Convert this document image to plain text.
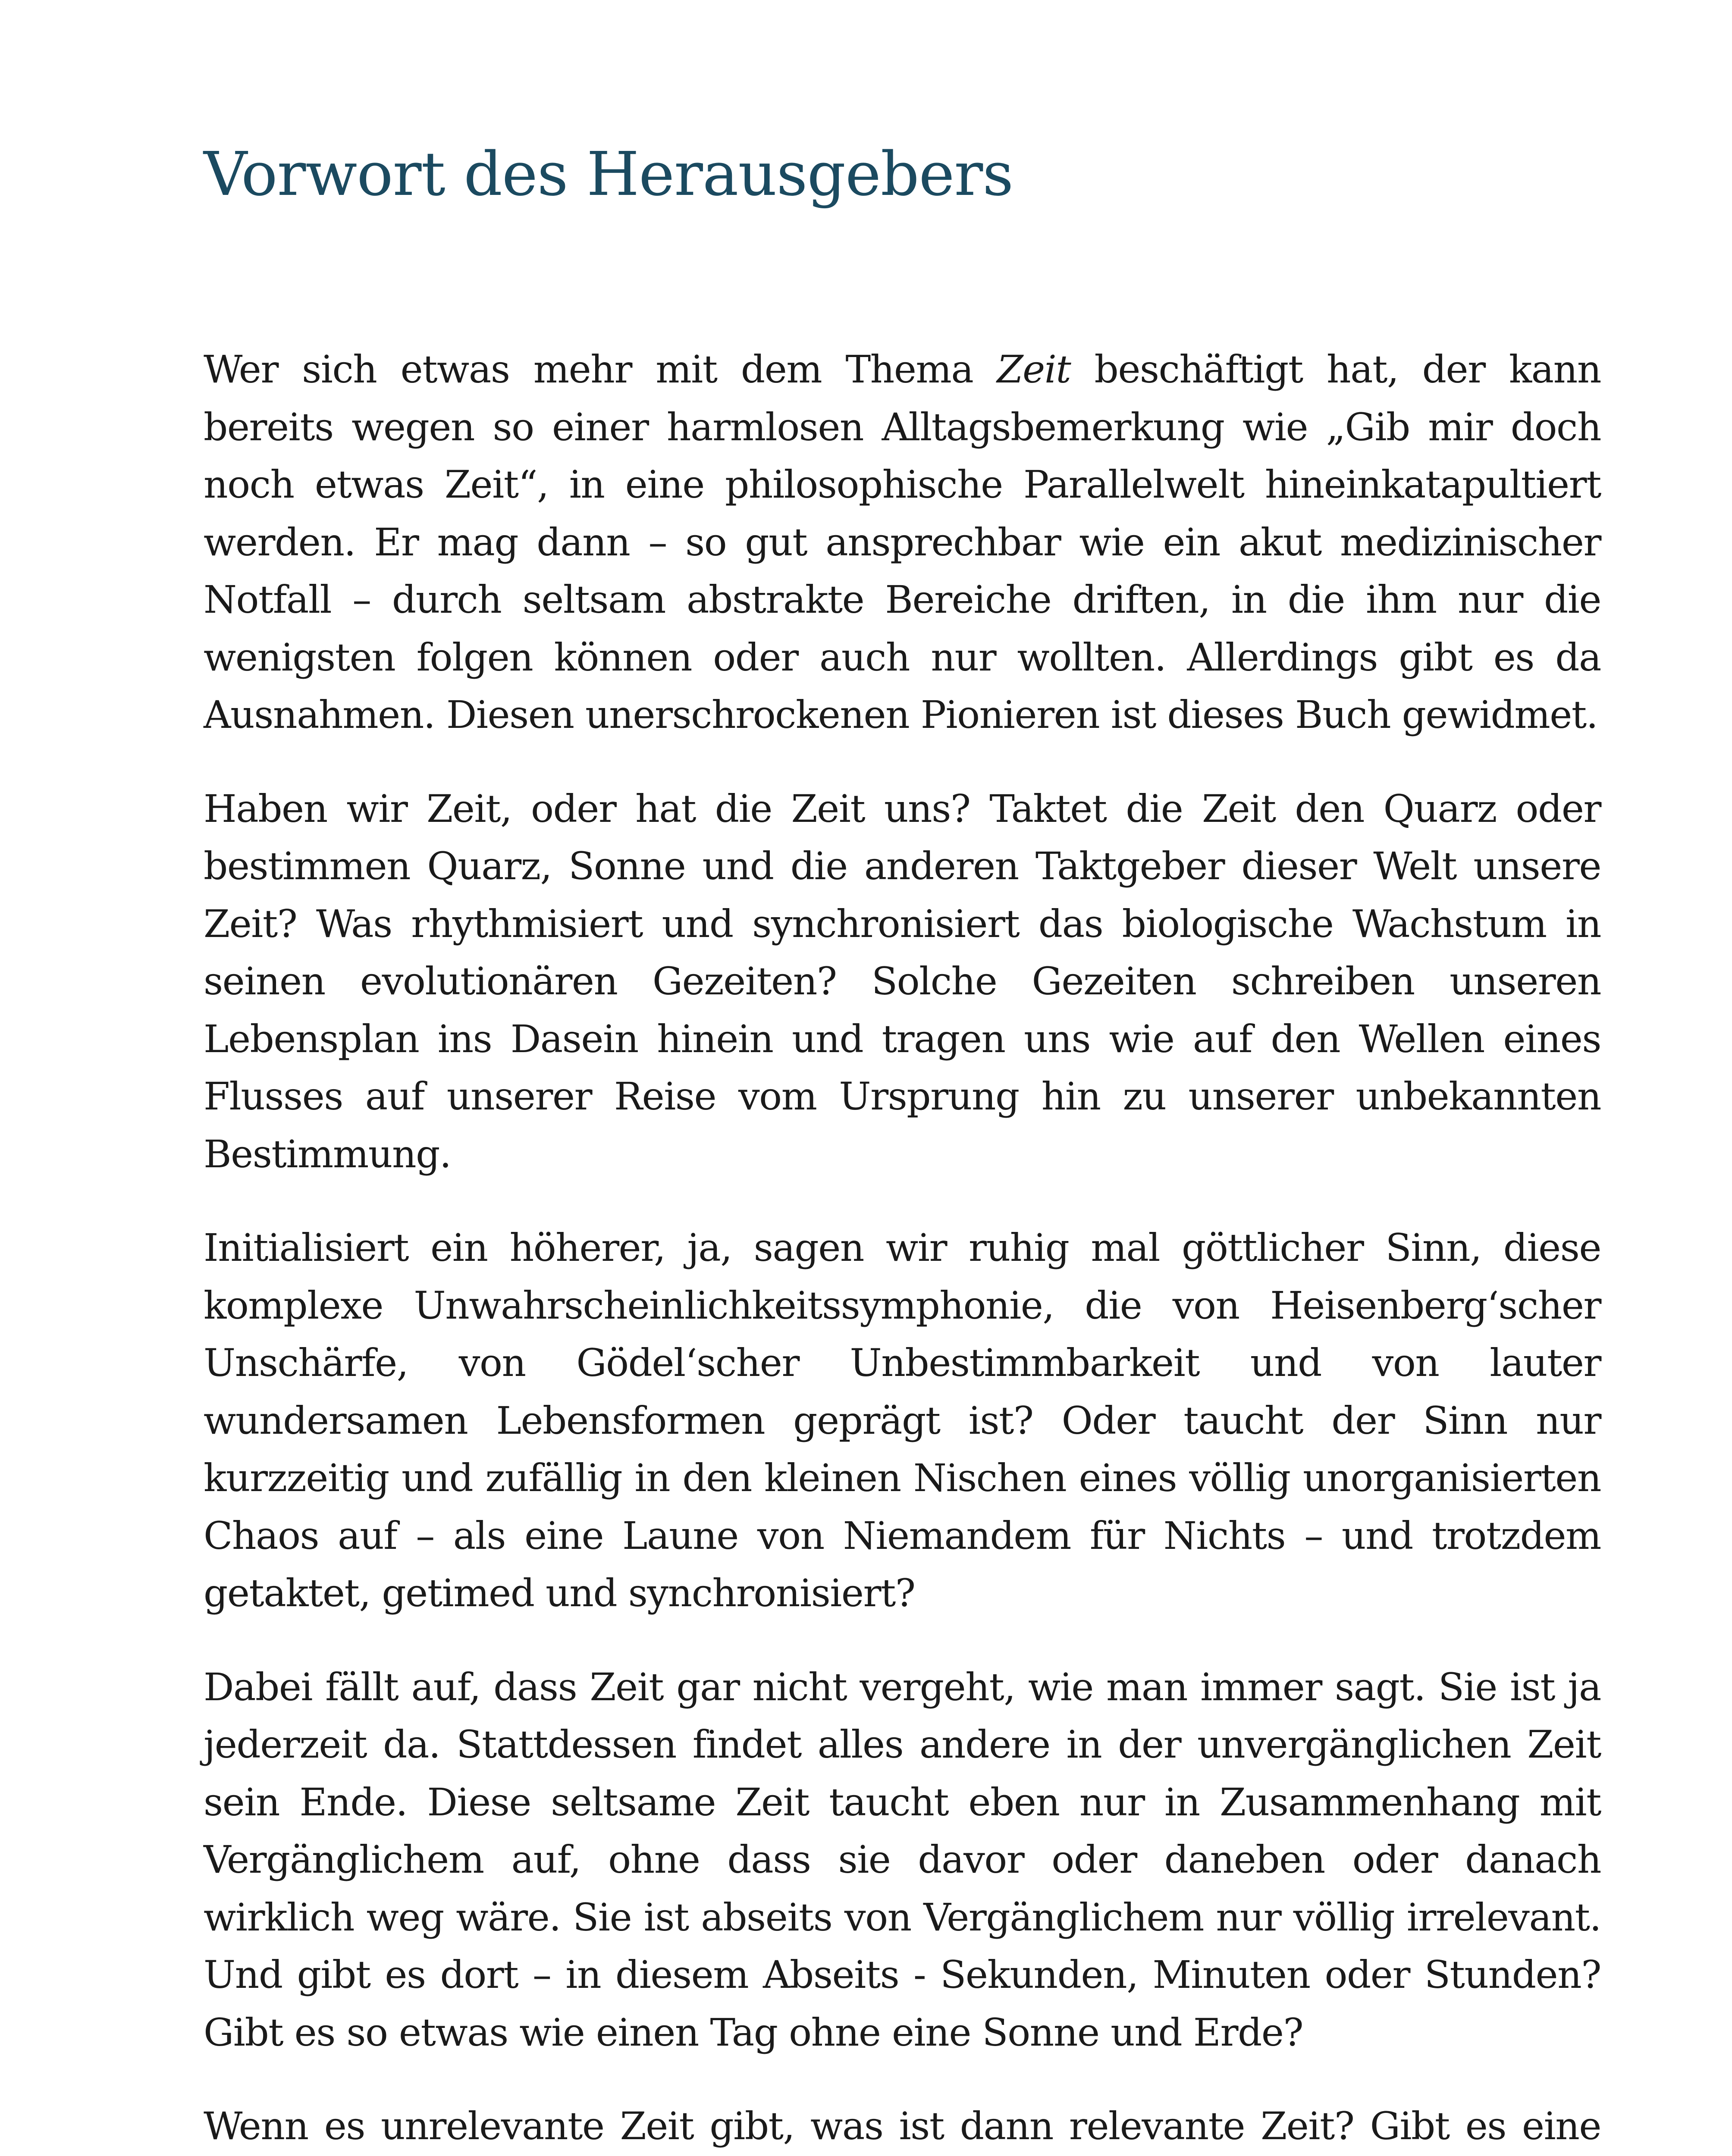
Vorwort des Herausgebers

Wer sich etwas mehr mit dem Thema Zeit beschäftigt hat, der kann bereits wegen so einer harmlosen Alltagsbemerkung wie „Gib mir doch noch etwas Zeit“, in eine philosophische Parallelwelt hineinkatapultiert werden. Er mag dann – so gut ansprechbar wie ein akut medizinischer Notfall – durch seltsam abstrakte Bereiche driften, in die ihm nur die wenigsten folgen können oder auch nur wollten. Allerdings gibt es da Ausnahmen. Diesen unerschrockenen Pionieren ist dieses Buch gewidmet.

Haben wir Zeit, oder hat die Zeit uns? Taktet die Zeit den Quarz oder bestimmen Quarz, Sonne und die anderen Taktgeber dieser Welt unsere Zeit? Was rhythmisiert und synchronisiert das biologische Wachstum in seinen evolutionären Gezeiten? Solche Gezeiten schreiben unseren Lebensplan ins Dasein hinein und tragen uns wie auf den Wellen eines Flusses auf unserer Reise vom Ursprung hin zu unserer unbekannten Bestimmung.

Initialisiert ein höherer, ja, sagen wir ruhig mal göttlicher Sinn, diese komplexe Unwahrscheinlichkeitssymphonie, die von Heisenberg‘scher Unschärfe, von Gödel‘scher Unbestimmbarkeit und von lauter wundersamen Lebensformen geprägt ist? Oder taucht der Sinn nur kurzzeitig und zufällig in den kleinen Nischen eines völlig unorganisierten Chaos auf – als eine Laune von Niemandem für Nichts – und trotzdem getaktet, getimed und synchronisiert?

Dabei fällt auf, dass Zeit gar nicht vergeht, wie man immer sagt. Sie ist ja jederzeit da. Stattdessen findet alles andere in der unvergänglichen Zeit sein Ende. Diese seltsame Zeit taucht eben nur in Zusammenhang mit Vergänglichem auf, ohne dass sie davor oder daneben oder danach wirklich weg wäre. Sie ist abseits von Vergänglichem nur völlig irrelevant. Und gibt es dort – in diesem Abseits - Sekunden, Minuten oder Stunden? Gibt es so etwas wie einen Tag ohne eine Sonne und Erde?

Wenn es unrelevante Zeit gibt, was ist dann relevante Zeit? Gibt es eine
